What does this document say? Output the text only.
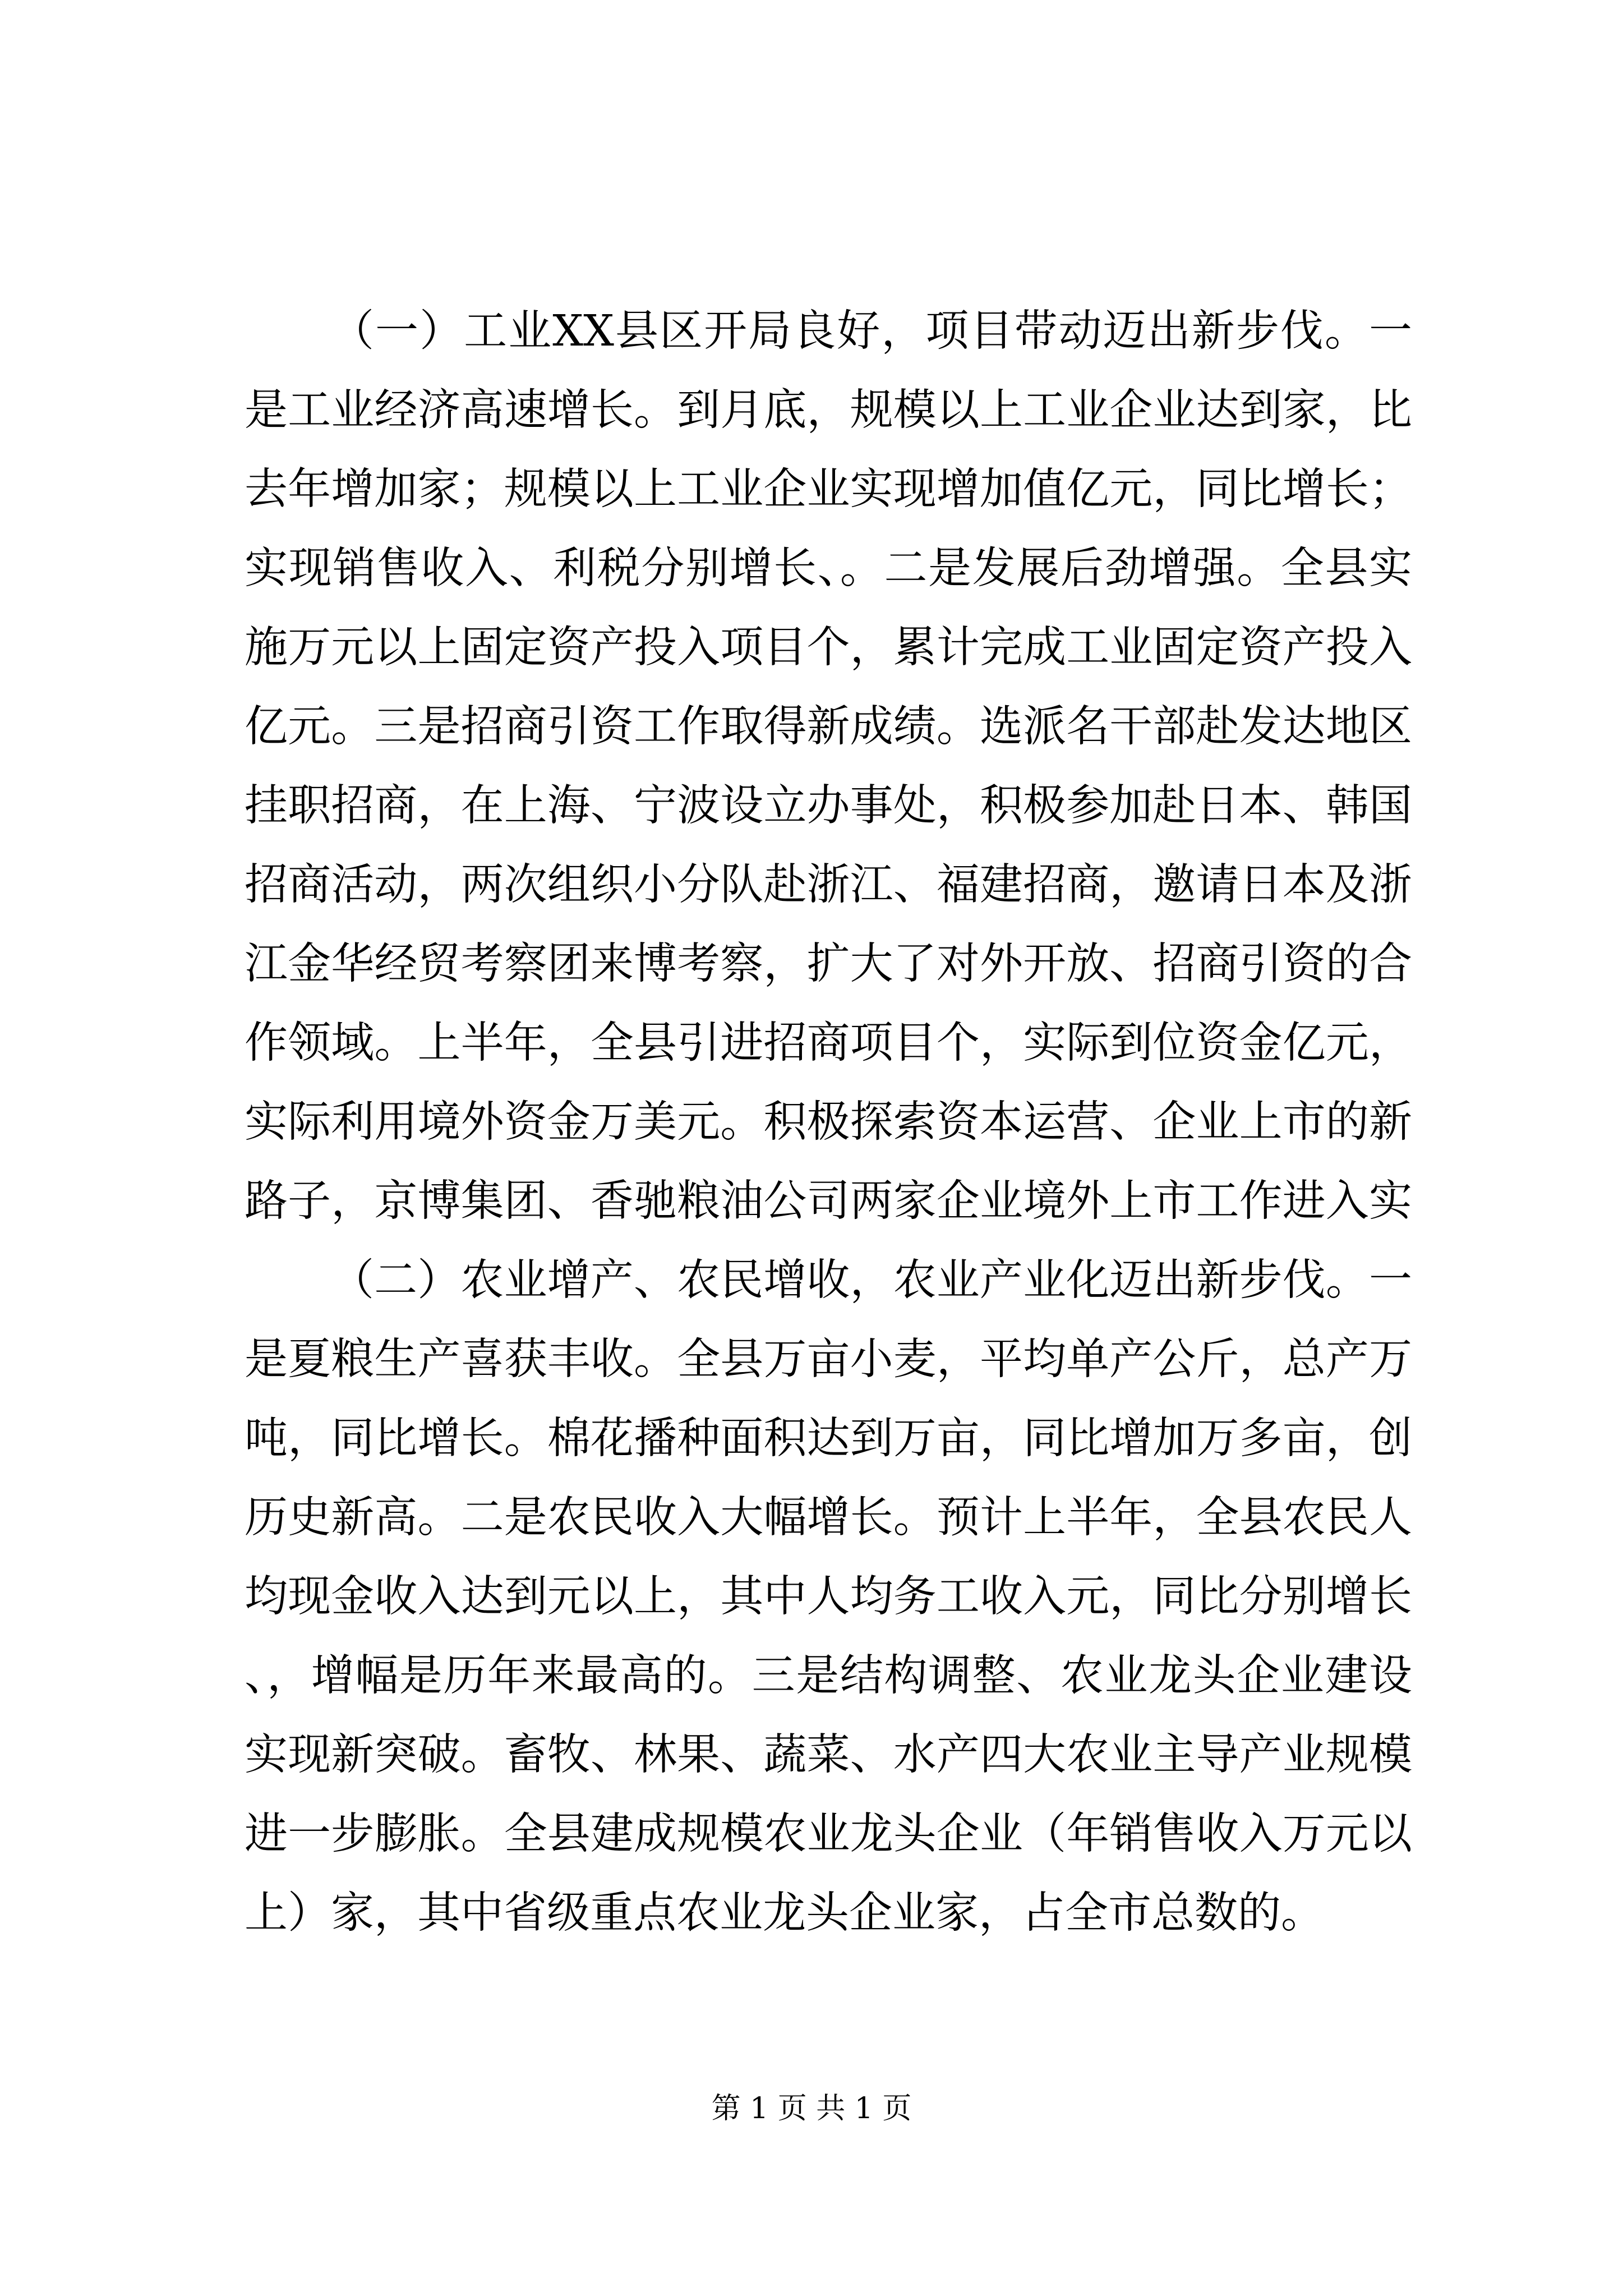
（一）工业XX县区开局良好，项目带动迈出新步伐。一是工业经济高速增长。到月底，规模以上工业企业达到家，比去年增加家；规模以上工业企业实现增加值亿元，同比增长；实现销售收入、利税分别增长、。二是发展后劲增强。全县实施万元以上固定资产投入项目个，累计完成工业固定资产投入亿元。三是招商引资工作取得新成绩。选派名干部赴发达地区挂职招商，在上海、宁波设立办事处，积极参加赴日本、韩国招商活动，两次组织小分队赴浙江、福建招商，邀请日本及浙江金华经贸考察团来博考察，扩大了对外开放、招商引资的合作领域。上半年，全县引进招商项目个，实际到位资金亿元，实际利用境外资金万美元。积极探索资本运营、企业上市的新路子，京博集团、香驰粮油公司两家企业境外上市工作进入实

（二）农业增产、农民增收，农业产业化迈出新步伐。一是夏粮生产喜获丰收。全县万亩小麦，平均单产公斤，总产万吨，同比增长。棉花播种面积达到万亩，同比增加万多亩，创历史新高。二是农民收入大幅增长。预计上半年，全县农民人均现金收入达到元以上，其中人均务工收入元，同比分别增长、，增幅是历年来最高的。三是结构调整、农业龙头企业建设实现新突破。畜牧、林果、蔬菜、水产四大农业主导产业规模进一步膨胀。全县建成规模农业龙头企业（年销售收入万元以上）家，其中省级重点农业龙头企业家，占全市总数的。

第 1 页 共 1 页
